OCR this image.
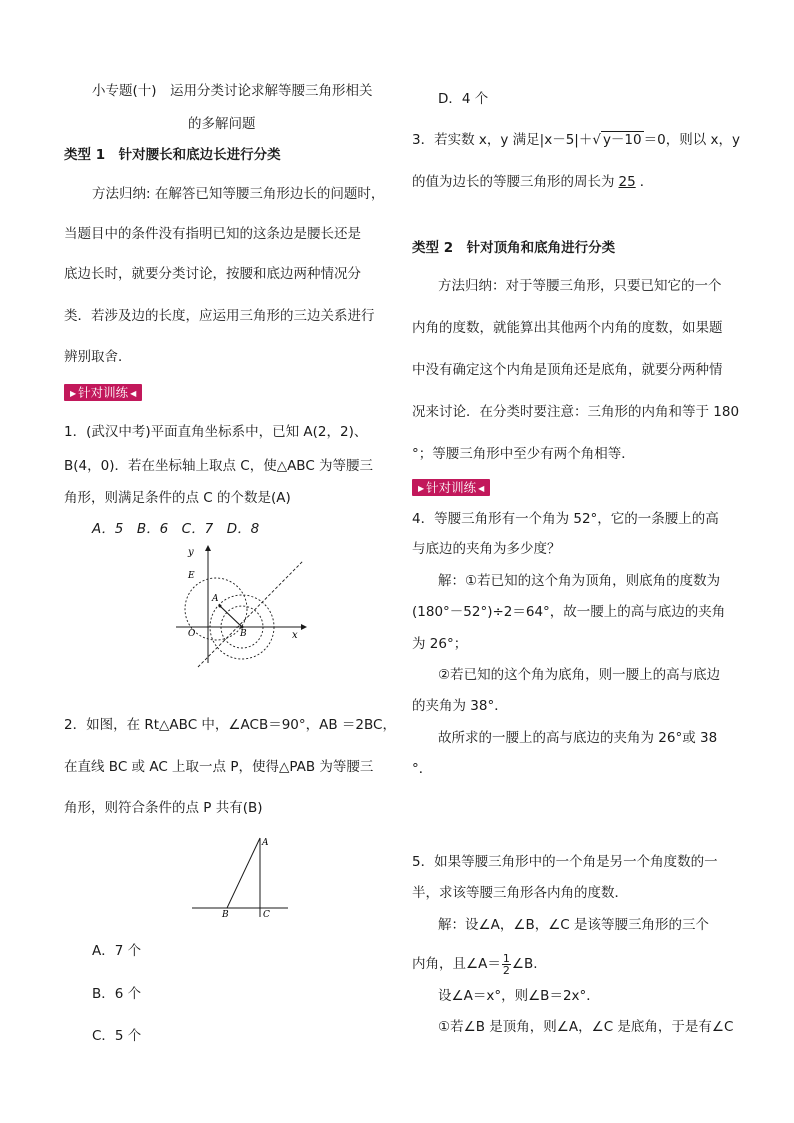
小专题(十)　运用分类讨论求解等腰三角形相关
的多解问题
类型 1　针对腰长和底边长进行分类
方法归纳: 在解答已知等腰三角形边长的问题时，
当题目中的条件没有指明已知的这条边是腰长还是
底边长时，就要分类讨论，按腰和底边两种情况分
类．若涉及边的长度，应运用三角形的三边关系进行
辨别取舍．
▶ 针对训练 ◀
1．(武汉中考)平面直角坐标系中，已知 A(2，2)、
B(4，0)．若在坐标轴上取点 C，使△ABC 为等腰三
角形，则满足条件的点 C 的个数是(A)
A．5　B．6　C．7　D．8
y
x
E
A
O	B
2．如图，在 Rt△ABC 中，∠ACB＝90°，AB ＝2BC，
在直线 BC 或 AC 上取一点 P，使得△PAB 为等腰三
角形，则符合条件的点 P 共有(B)
A
B	C
A．7 个
B．6 个
C．5 个
D．4 个
3．若实数 x，y 满足|x－5|＋√ y－10 ＝0，则以 x，y
的值为边长的等腰三角形的周长为 25 ．
类型 2　针对顶角和底角进行分类
方法归纳：对于等腰三角形，只要已知它的一个
内角的度数，就能算出其他两个内角的度数，如果题
中没有确定这个内角是顶角还是底角，就要分两种情
况来讨论．在分类时要注意：三角形的内角和等于 180
°；等腰三角形中至少有两个角相等．
▶ 针对训练 ◀
4．等腰三角形有一个角为 52°，它的一条腰上的高
与底边的夹角为多少度？
解：①若已知的这个角为顶角，则底角的度数为
(180°－52°)÷2＝64°，故一腰上的高与底边的夹角
为 26°；
②若已知的这个角为底角，则一腰上的高与底边
的夹角为 38°．
故所求的一腰上的高与底边的夹角为 26°或 38
°．
5．如果等腰三角形中的一个角是另一个角度数的一
半，求该等腰三角形各内角的度数．
解：设∠A，∠B，∠C 是该等腰三角形的三个
内角，且∠A＝ $\frac{1}{2}$ ∠B.
设∠A＝x°，则∠B＝2x°．
①若∠B 是顶角，则∠A，∠C 是底角，于是有∠C
